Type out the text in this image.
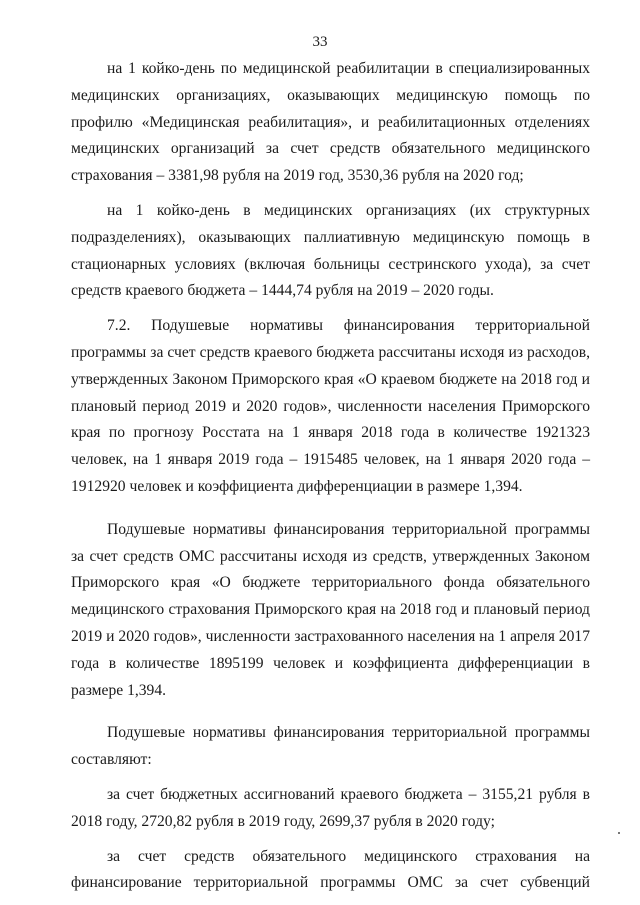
33

на 1 койко-день по медицинской реабилитации в специализированных медицинских организациях, оказывающих медицинскую помощь по профилю «Медицинская реабилитация», и реабилитационных отделениях медицинских организаций за счет средств обязательного медицинского страхования – 3381,98 рубля на 2019 год, 3530,36 рубля на 2020 год;

на 1 койко-день в медицинских организациях (их структурных подразделениях), оказывающих паллиативную медицинскую помощь в стационарных условиях (включая больницы сестринского ухода), за счет средств краевого бюджета – 1444,74 рубля на 2019 – 2020 годы.

7.2. Подушевые нормативы финансирования территориальной программы за счет средств краевого бюджета рассчитаны исходя из расходов, утвержденных Законом Приморского края «О краевом бюджете на 2018 год и плановый период 2019 и 2020 годов», численности населения Приморского края по прогнозу Росстата на 1 января 2018 года в количестве 1921323 человек, на 1 января 2019 года – 1915485 человек, на 1 января 2020 года –1912920 человек и коэффициента дифференциации в размере 1,394.

Подушевые нормативы финансирования территориальной программы за счет средств ОМС рассчитаны исходя из средств, утвержденных Законом Приморского края «О бюджете территориального фонда обязательного медицинского страхования Приморского края на 2018 год и плановый период 2019 и 2020 годов», численности застрахованного населения на 1 апреля 2017 года в количестве 1895199 человек и коэффициента дифференциации в размере 1,394.

Подушевые нормативы финансирования территориальной программы составляют:

за счет бюджетных ассигнований краевого бюджета – 3155,21 рубля в 2018 году, 2720,82 рубля в 2019 году, 2699,37 рубля в 2020 году;

за счет средств обязательного медицинского страхования на финансирование территориальной программы ОМС за счет субвенций
